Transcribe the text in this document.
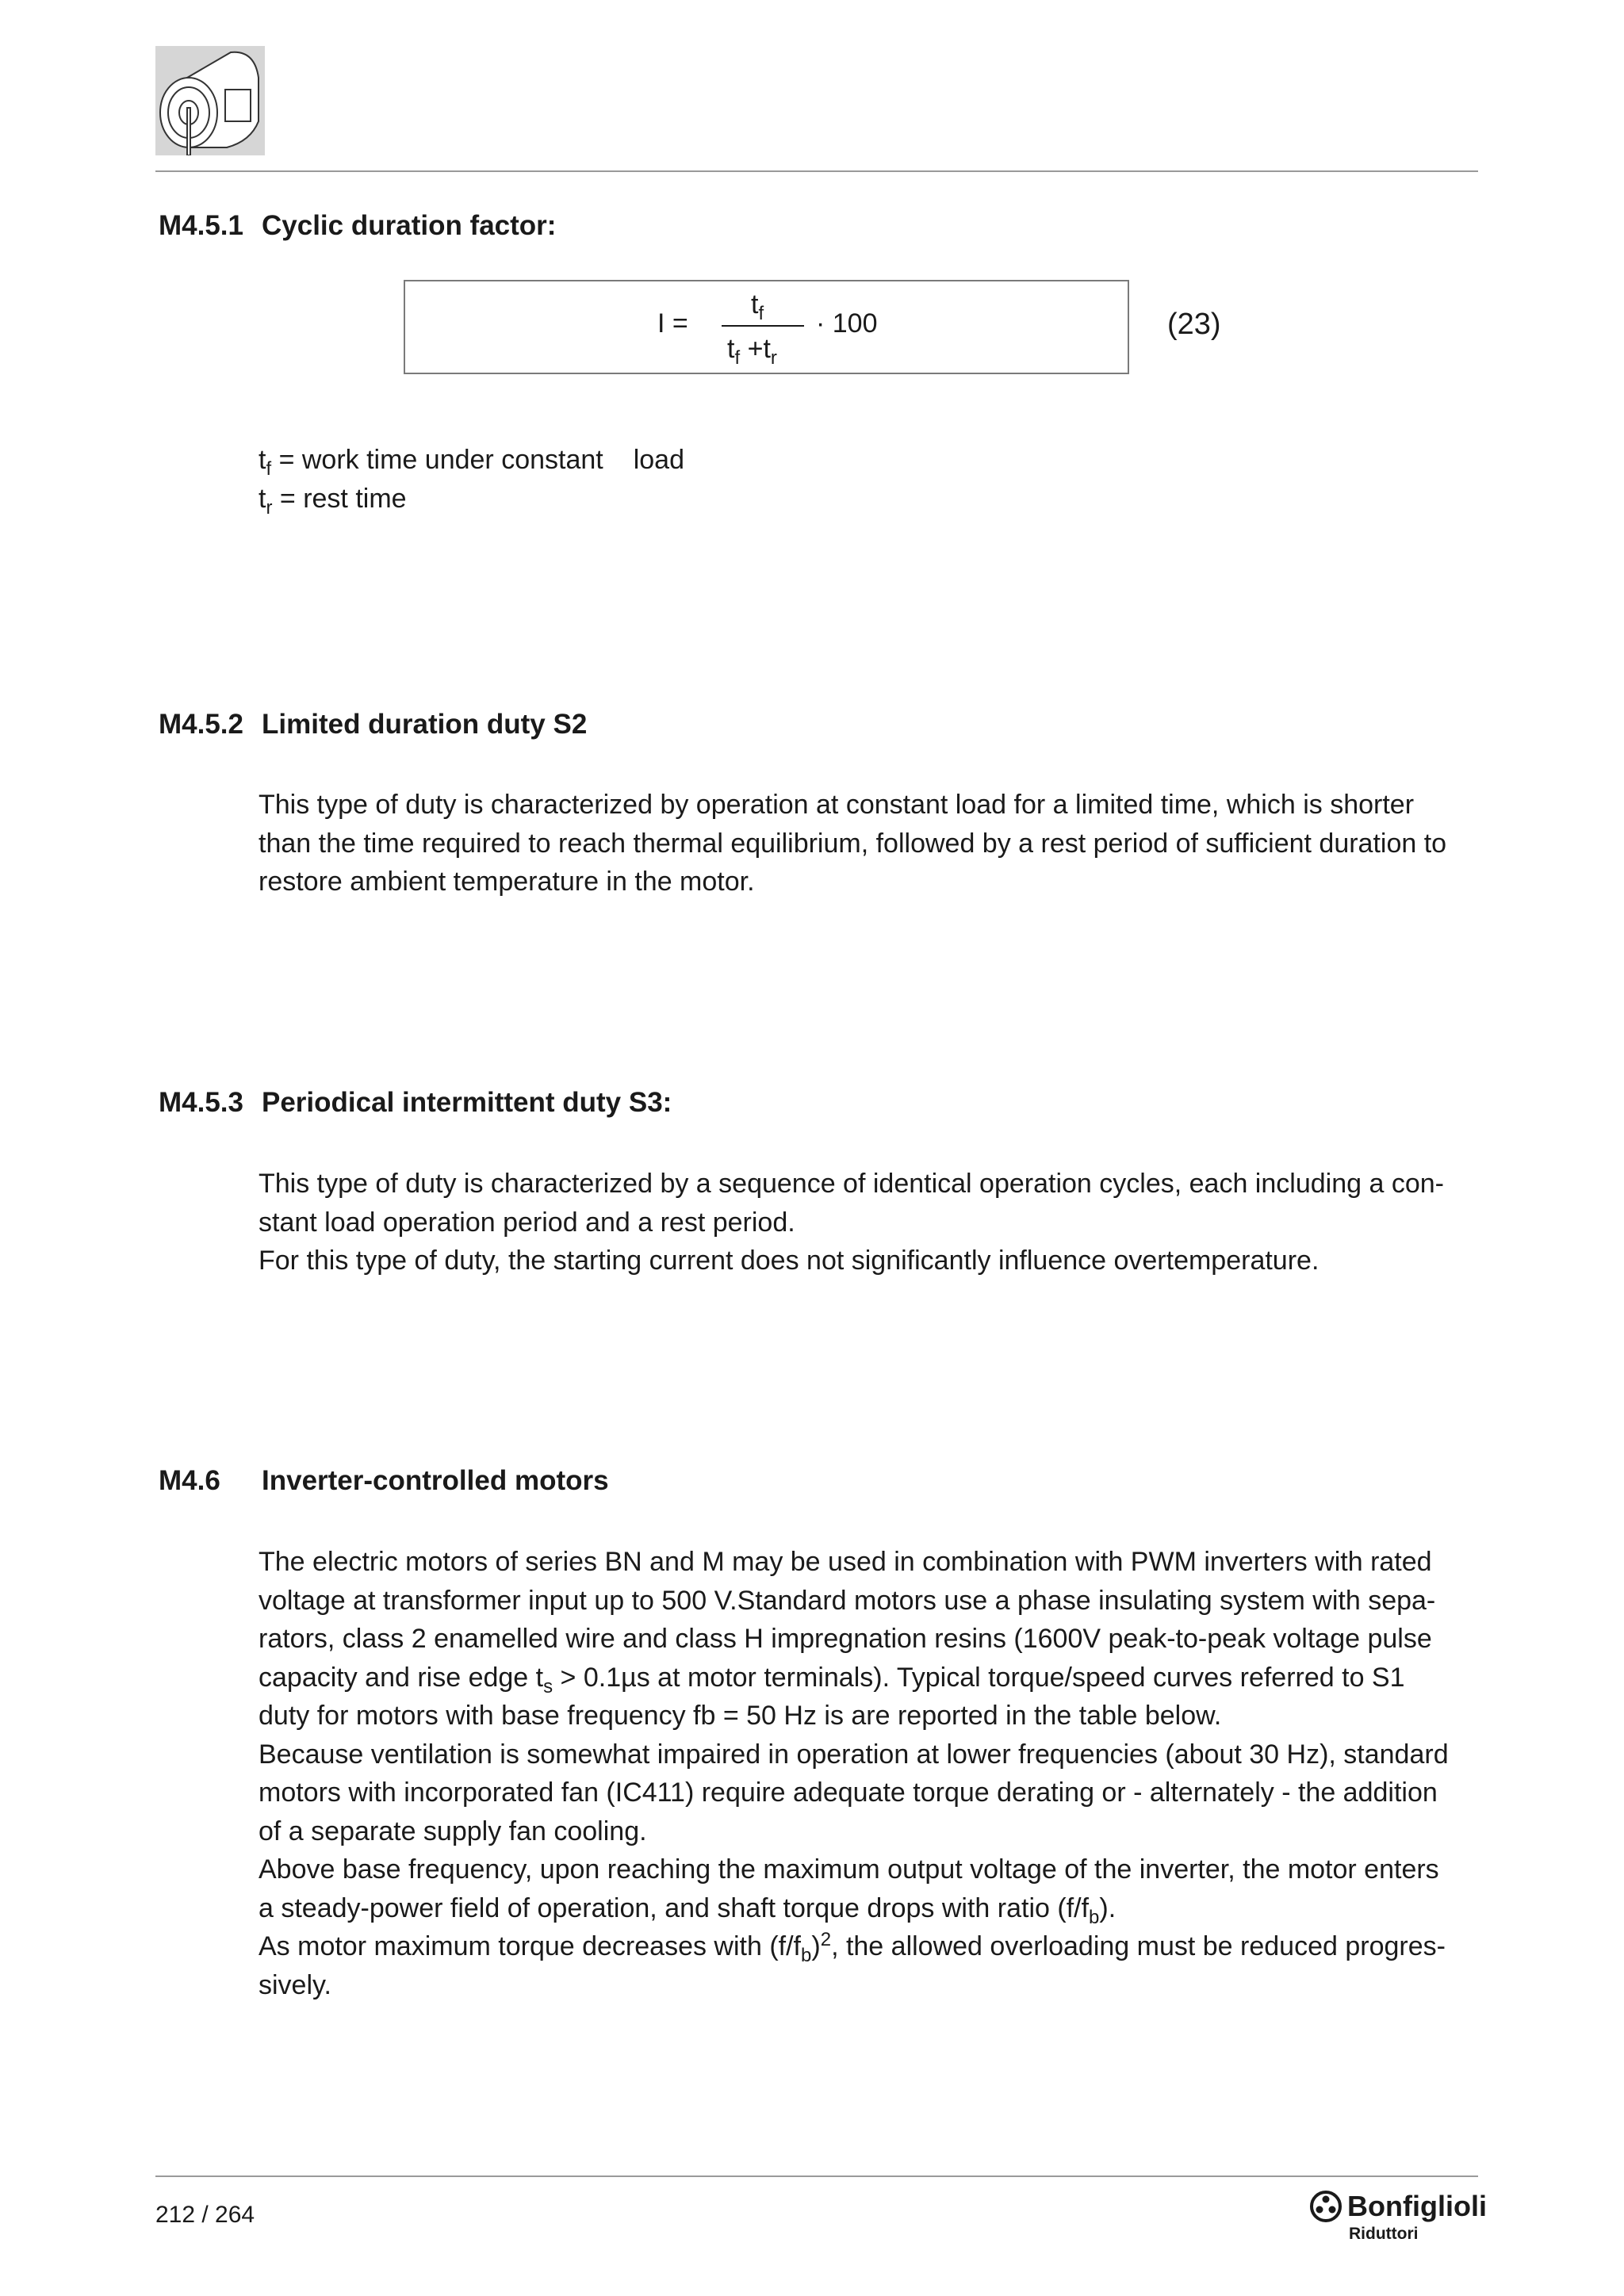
M4.5.1 Cyclic duration factor:
I =
$t_f$
$t_f +t_r$
· 100	(23)
$t_f$ = work time under constant load
$t_r$ = rest time
M4.5.2 Limited duration duty S2
This type of duty is characterized by operation at constant load for a limited time, which is shorter
than the time required to reach thermal equilibrium, followed by a rest period of sufficient duration to
restore ambient temperature in the motor.
M4.5.3 Periodical intermittent duty S3:
This type of duty is characterized by a sequence of identical operation cycles, each including a con-
stant load operation period and a rest period.
For this type of duty, the starting current does not significantly influence overtemperature.
M4.6 Inverter-controlled motors
The electric motors of series BN and M may be used in combination with PWM inverters with rated
voltage at transformer input up to 500 V.Standard motors use a phase insulating system with sepa-
rators, class 2 enamelled wire and class H impregnation resins (1600V peak-to-peak voltage pulse
capacity and rise edge $t_s > 0.1\mu s$ at motor terminals). Typical torque/speed curves referred to S1
duty for motors with base frequency fb = 50 Hz is are reported in the table below.
Because ventilation is somewhat impaired in operation at lower frequencies (about 30 Hz), standard
motors with incorporated fan (IC411) require adequate torque derating or - alternately - the addition
of a separate supply fan cooling.
Above base frequency, upon reaching the maximum output voltage of the inverter, the motor enters
a steady-power field of operation, and shaft torque drops with ratio $(f/f_b)$.
As motor maximum torque decreases with $(f/f_b)^2$, the allowed overloading must be reduced progres-
sively.
212 / 264	Bonfiglioli
Riduttori
